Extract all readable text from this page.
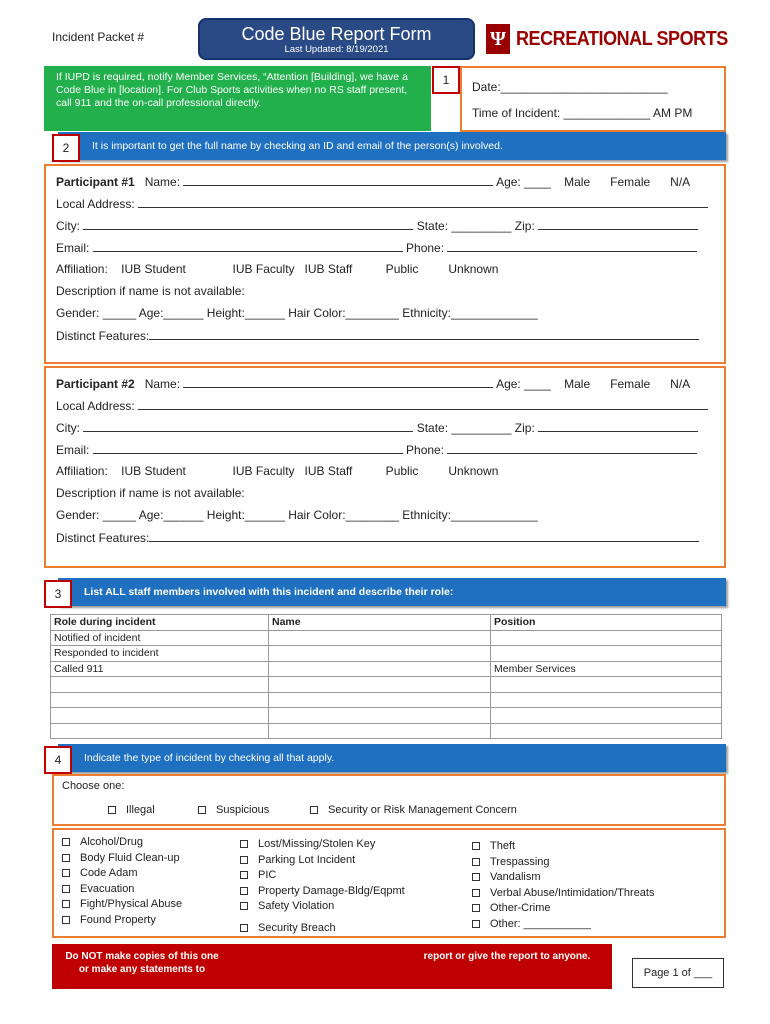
Incident Packet #	Code Blue Report Form
Last Updated: 8/19/2021	Ψ RECREATIONAL SPORTS
If IUPD is required, notify Member Services, “Attention [Building], we have a Code Blue in [location]. For Club Sports activities when no RS staff present, call 911 and the on-call professional directly.
1	Date:_________________________
Time of Incident: _____________ AM PM
It is important to get the full name by checking an ID and email of the person(s) involved.
2
Participant #1 Name:	Age: ____ Male      Female      N/A
Local Address:
City:	State: _________ Zip:
Email:	Phone:
Affiliation:    IUB Student              IUB Faculty   IUB Staff          Public         Unknown
Description if name is not available:
Gender: _____ Age:______ Height:______ Hair Color:________ Ethnicity:_____________
Distinct Features:
Participant #2 Name:	Age: ____ Male      Female      N/A
Local Address:
City:	State: _________ Zip:
Email:	Phone:
Affiliation:    IUB Student              IUB Faculty   IUB Staff          Public         Unknown
Description if name is not available:
Gender: _____ Age:______ Height:______ Hair Color:________ Ethnicity:_____________
Distinct Features:
List ALL staff members involved with this incident and describe their role:
3
Role during incident	Name	Position
Notified of incident		
Responded to incident		
Called 911		Member Services

Indicate the type of incident by checking all that apply.
4
Choose one:
Illegal	Suspicious	Security or Risk Management Concern
Alcohol/Drug
Body Fluid Clean-up
Code Adam
Evacuation
Fight/Physical Abuse
Found Property
Lost/Missing/Stolen Key
Parking Lot Incident
PIC
Property Damage-Bldg/Eqpmt
Safety Violation
Security Breach
Theft
Trespassing
Vandalism
Verbal Abuse/Intimidation/Threats
Other-Crime
Other: ___________
Do NOT make copies of this one or make any statements to
report or give the report to anyone.
Page 1 of ___
